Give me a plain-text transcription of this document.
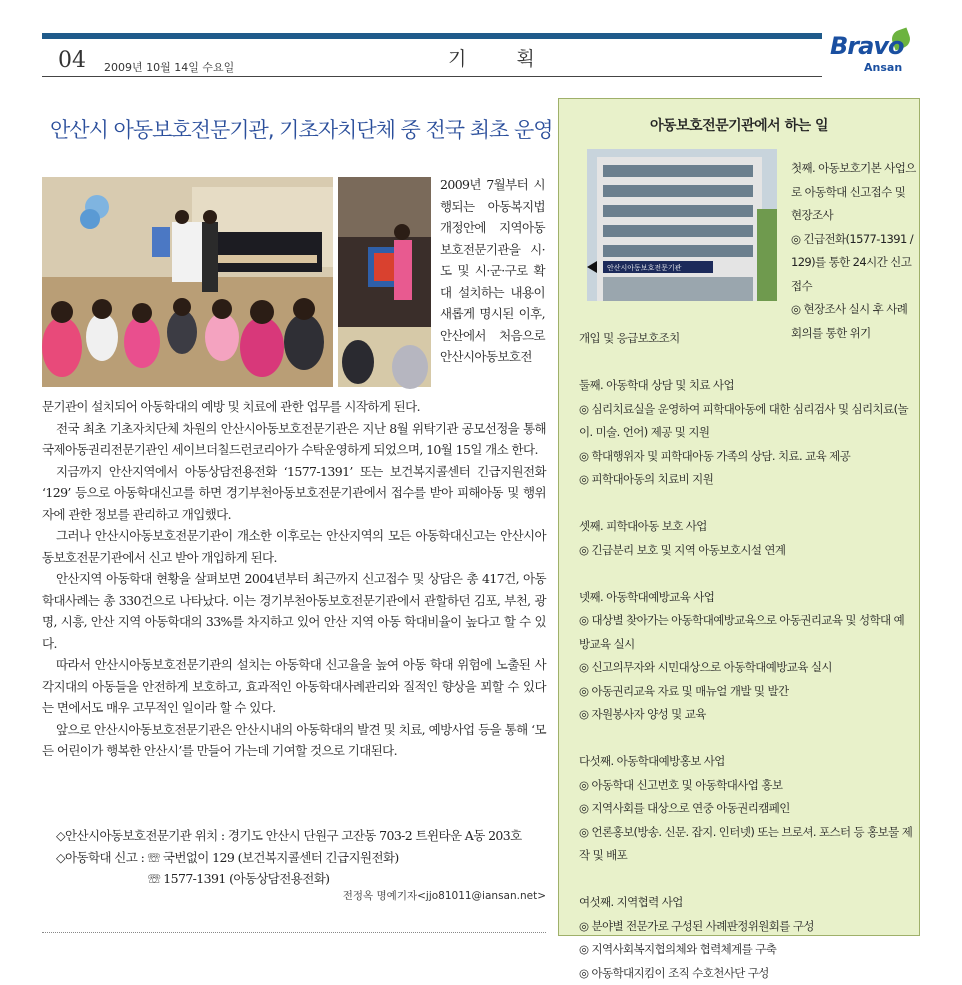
04 2009년 10월 14일 수요일	기 획	Bravo
Ansan
안산시 아동보호전문기관, 기초자치단체 중 전국 최초 운영
2009년 7월부터 시행되는 아동복지법 개정안에 지역아동보호전문기관을 시·도 및 시·군·구로 확대 설치하는 내용이 새롭게 명시된 이후, 안산에서 처음으로 안산시아동보호전

문기관이 설치되어 아동학대의 예방 및 치료에 관한 업무를 시작하게 된다.

전국 최초 기초자치단체 차원의 안산시아동보호전문기관은 지난 8월 위탁기관 공모선정을 통해 국제아동권리전문기관인 세이브더칠드런코리아가 수탁운영하게 되었으며, 10월 15일 개소 한다.

지금까지 안산지역에서 아동상담전용전화 ‘1577-1391’ 또는 보건복지콜센터 긴급지원전화 ‘129’ 등으로 아동학대신고를 하면 경기부천아동보호전문기관에서 접수를 받아 피해아동 및 행위자에 관한 정보를 관리하고 개입했다.

그러나 안산시아동보호전문기관이 개소한 이후로는 안산지역의 모든 아동학대신고는 안산시아동보호전문기관에서 신고 받아 개입하게 된다.

안산지역 아동학대 현황을 살펴보면 2004년부터 최근까지 신고접수 및 상담은 총 417건, 아동학대사례는 총 330건으로 나타났다. 이는 경기부천아동보호전문기관에서 관할하던 김포, 부천, 광명, 시흥, 안산 지역 아동학대의 33%를 차지하고 있어 안산 지역 아동 학대비율이 높다고 할 수 있다.

따라서 안산시아동보호전문기관의 설치는 아동학대 신고율을 높여 아동 학대 위험에 노출된 사각지대의 아동들을 안전하게 보호하고, 효과적인 아동학대사례관리와 질적인 향상을 꾀할 수 있다는 면에서도 매우 고무적인 일이라 할 수 있다.

앞으로 안산시아동보호전문기관은 안산시내의 아동학대의 발견 및 치료, 예방사업 등을 통해 ‘모든 어린이가 행복한 안산시’를 만들어 가는데 기여할 것으로 기대된다.

◇안산시아동보호전문기관 위치 : 경기도 안산시 단원구 고잔동 703-2 트윈타운 A동 203호
◇아동학대 신고 : ☏ 국번없이 129 (보건복지콜센터 긴급지원전화)
☏ 1577-1391 (아동상담전용전화)
전정옥 명예기자<jjo81011@iansan.net>
아동보호전문기관에서 하는 일
안산시아동보호전문기관
첫째. 아동보호기본 사업으로 아동학대 신고접수 및 현장조사
◎ 긴급전화(1577-1391 / 129)를 통한 24시간 신고접수
◎ 현장조사 실시 후 사례회의를 통한 위기
개입 및 응급보호조치
둘째. 아동학대 상담 및 치료 사업
◎ 심리치료실을 운영하여 피학대아동에 대한 심리검사 및 심리치료(놀이. 미술. 언어) 제공 및 지원
◎ 학대행위자 및 피학대아동 가족의 상담. 치료. 교육 제공
◎ 피학대아동의 치료비 지원
셋째. 피학대아동 보호 사업
◎ 긴급분리 보호 및 지역 아동보호시설 연계
넷째. 아동학대예방교육 사업
◎ 대상별 찾아가는 아동학대예방교육으로 아동권리교육 및 성학대 예방교육 실시
◎ 신고의무자와 시민대상으로 아동학대예방교육 실시
◎ 아동권리교육 자료 및 매뉴얼 개발 및 발간
◎ 자원봉사자 양성 및 교육
다섯째. 아동학대예방홍보 사업
◎ 아동학대 신고번호 및 아동학대사업 홍보
◎ 지역사회를 대상으로 연중 아동권리캠페인
◎ 언론홍보(방송. 신문. 잡지. 인터넷) 또는 브로셔. 포스터 등 홍보물 제작 및 배포
여섯째. 지역협력 사업
◎ 분야별 전문가로 구성된 사례판정위원회를 구성
◎ 지역사회복지협의체와 협력체계를 구축
◎ 아동학대지킴이 조직 수호천사단 구성
